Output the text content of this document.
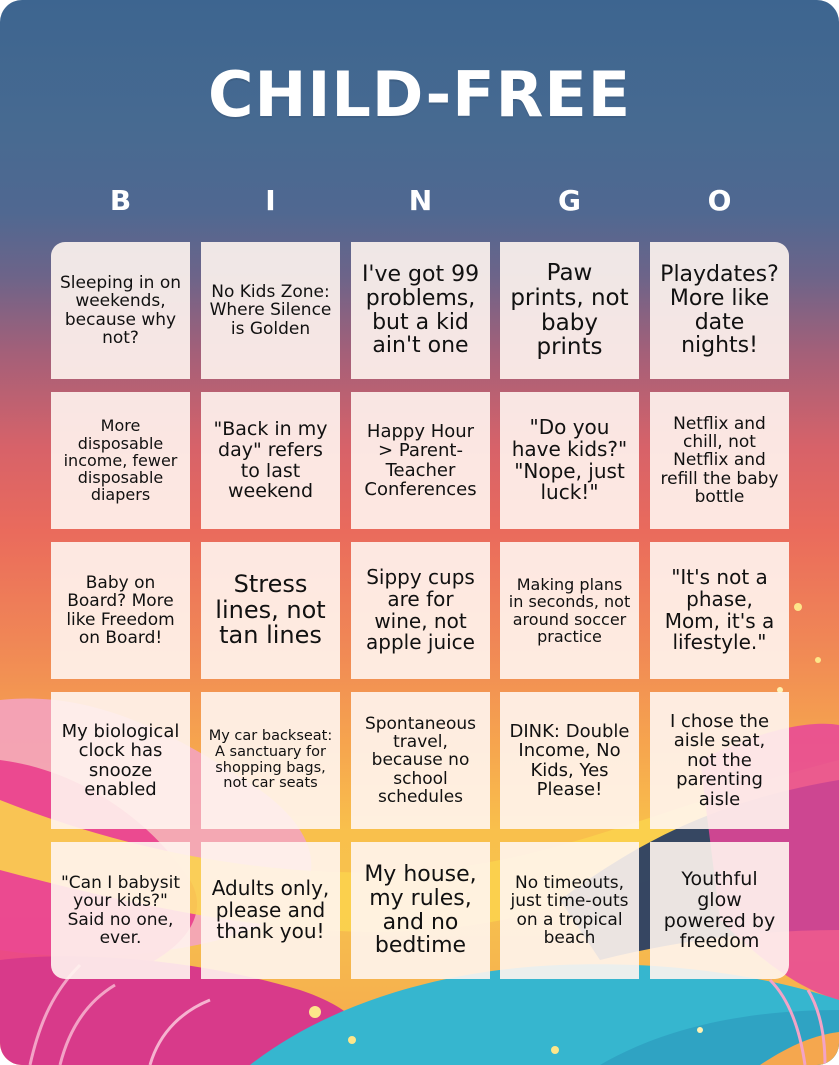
CHILD-FREE
B	I	N	G	O
Sleeping in on weekends, because why not?
No Kids Zone: Where Silence is Golden
I've got 99 problems, but a kid ain't one
Paw prints, not baby prints
Playdates? More like date nights!
More disposable income, fewer disposable diapers
"Back in my day" refers to last weekend
Happy Hour > Parent-Teacher Conferences
"Do you have kids?" "Nope, just luck!"
Netflix and chill, not Netflix and refill the baby bottle
Baby on Board? More like Freedom on Board!
Stress lines, not tan lines
Sippy cups are for wine, not apple juice
Making plans in seconds, not around soccer practice
"It's not a phase, Mom, it's a lifestyle."
My biological clock has snooze enabled
My car backseat: A sanctuary for shopping bags, not car seats
Spontaneous travel, because no school schedules
DINK: Double Income, No Kids, Yes Please!
I chose the aisle seat, not the parenting aisle
"Can I babysit your kids?" Said no one, ever.
Adults only, please and thank you!
My house, my rules, and no bedtime
No timeouts, just time-outs on a tropical beach
Youthful glow powered by freedom
